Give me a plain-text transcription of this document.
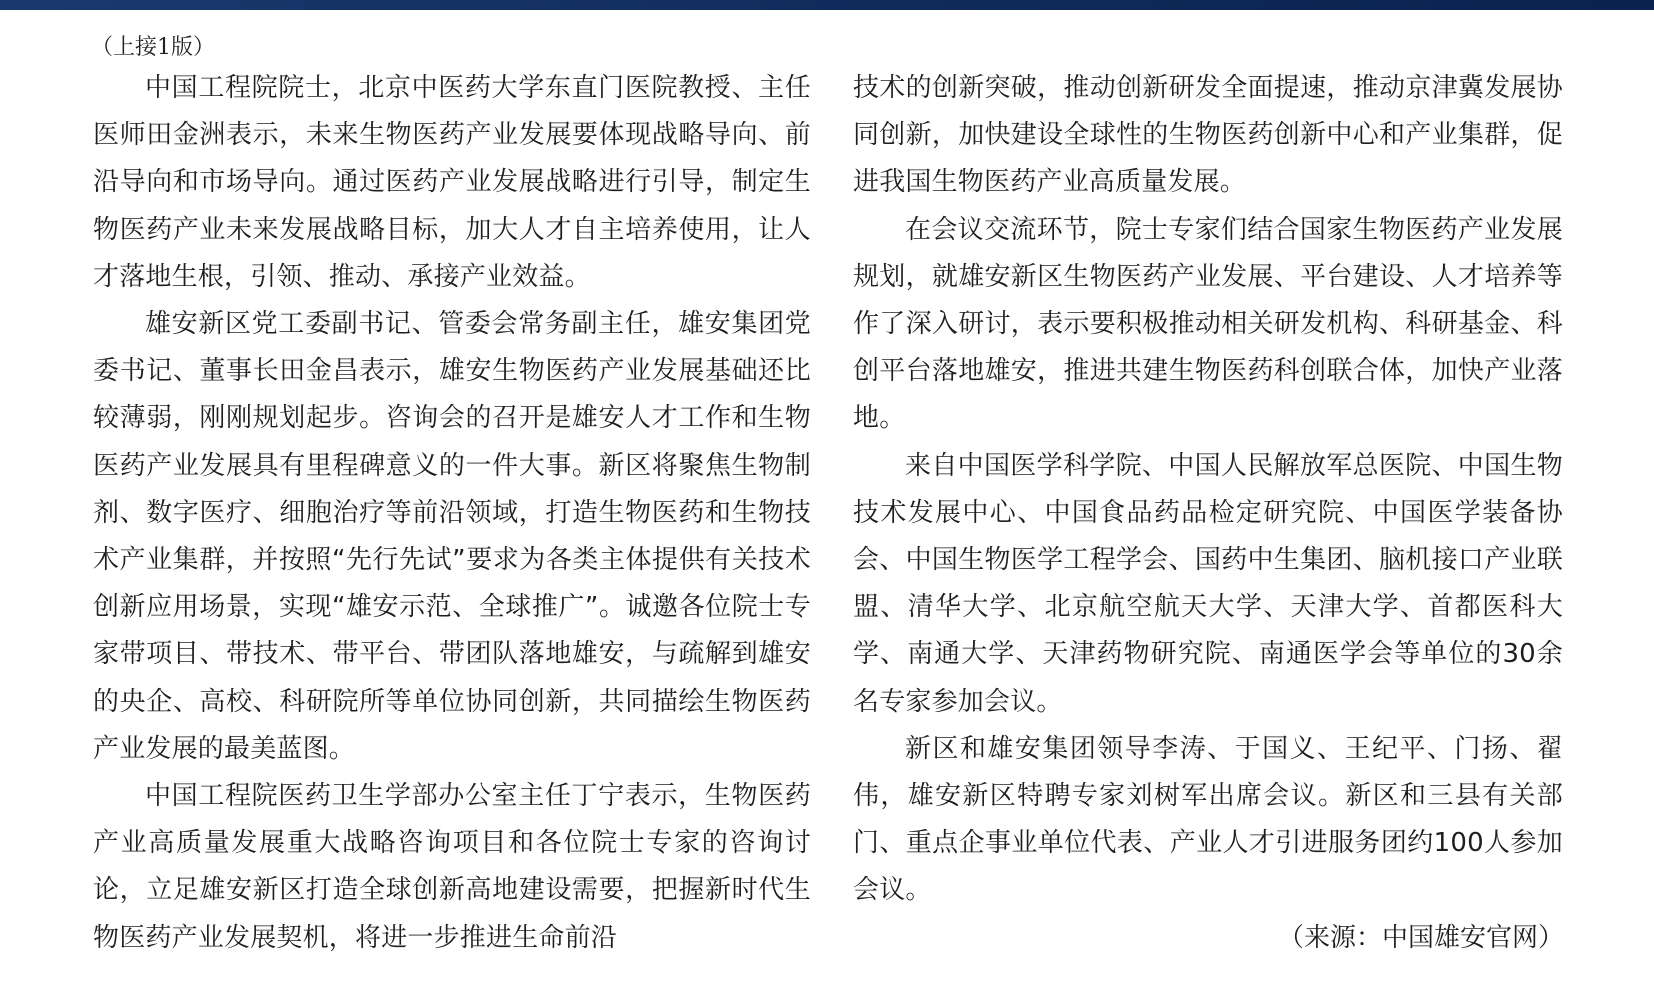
（上接1版）

中国工程院院士，北京中医药大学东直门医院教授、主任医师田金洲表示，未来生物医药产业发展要体现战略导向、前沿导向和市场导向。通过医药产业发展战略进行引导，制定生物医药产业未来发展战略目标，加大人才自主培养使用，让人才落地生根，引领、推动、承接产业效益。

雄安新区党工委副书记、管委会常务副主任，雄安集团党委书记、董事长田金昌表示，雄安生物医药产业发展基础还比较薄弱，刚刚规划起步。咨询会的召开是雄安人才工作和生物医药产业发展具有里程碑意义的一件大事。新区将聚焦生物制剂、数字医疗、细胞治疗等前沿领域，打造生物医药和生物技术产业集群，并按照“先行先试”要求为各类主体提供有关技术创新应用场景，实现“雄安示范、全球推广”。诚邀各位院士专家带项目、带技术、带平台、带团队落地雄安，与疏解到雄安的央企、高校、科研院所等单位协同创新，共同描绘生物医药产业发展的最美蓝图。

中国工程院医药卫生学部办公室主任丁宁表示，生物医药产业高质量发展重大战略咨询项目和各位院士专家的咨询讨论，立足雄安新区打造全球创新高地建设需要，把握新时代生物医药产业发展契机，将进一步推进生命前沿

技术的创新突破，推动创新研发全面提速，推动京津冀发展协同创新，加快建设全球性的生物医药创新中心和产业集群，促进我国生物医药产业高质量发展。

在会议交流环节，院士专家们结合国家生物医药产业发展规划，就雄安新区生物医药产业发展、平台建设、人才培养等作了深入研讨，表示要积极推动相关研发机构、科研基金、科创平台落地雄安，推进共建生物医药科创联合体，加快产业落地。

来自中国医学科学院、中国人民解放军总医院、中国生物技术发展中心、中国食品药品检定研究院、中国医学装备协会、中国生物医学工程学会、国药中生集团、脑机接口产业联盟、清华大学、北京航空航天大学、天津大学、首都医科大学、南通大学、天津药物研究院、南通医学会等单位的30余名专家参加会议。

新区和雄安集团领导李涛、于国义、王纪平、门扬、翟伟，雄安新区特聘专家刘树军出席会议。新区和三县有关部门、重点企事业单位代表、产业人才引进服务团约100人参加会议。

（来源：中国雄安官网）
